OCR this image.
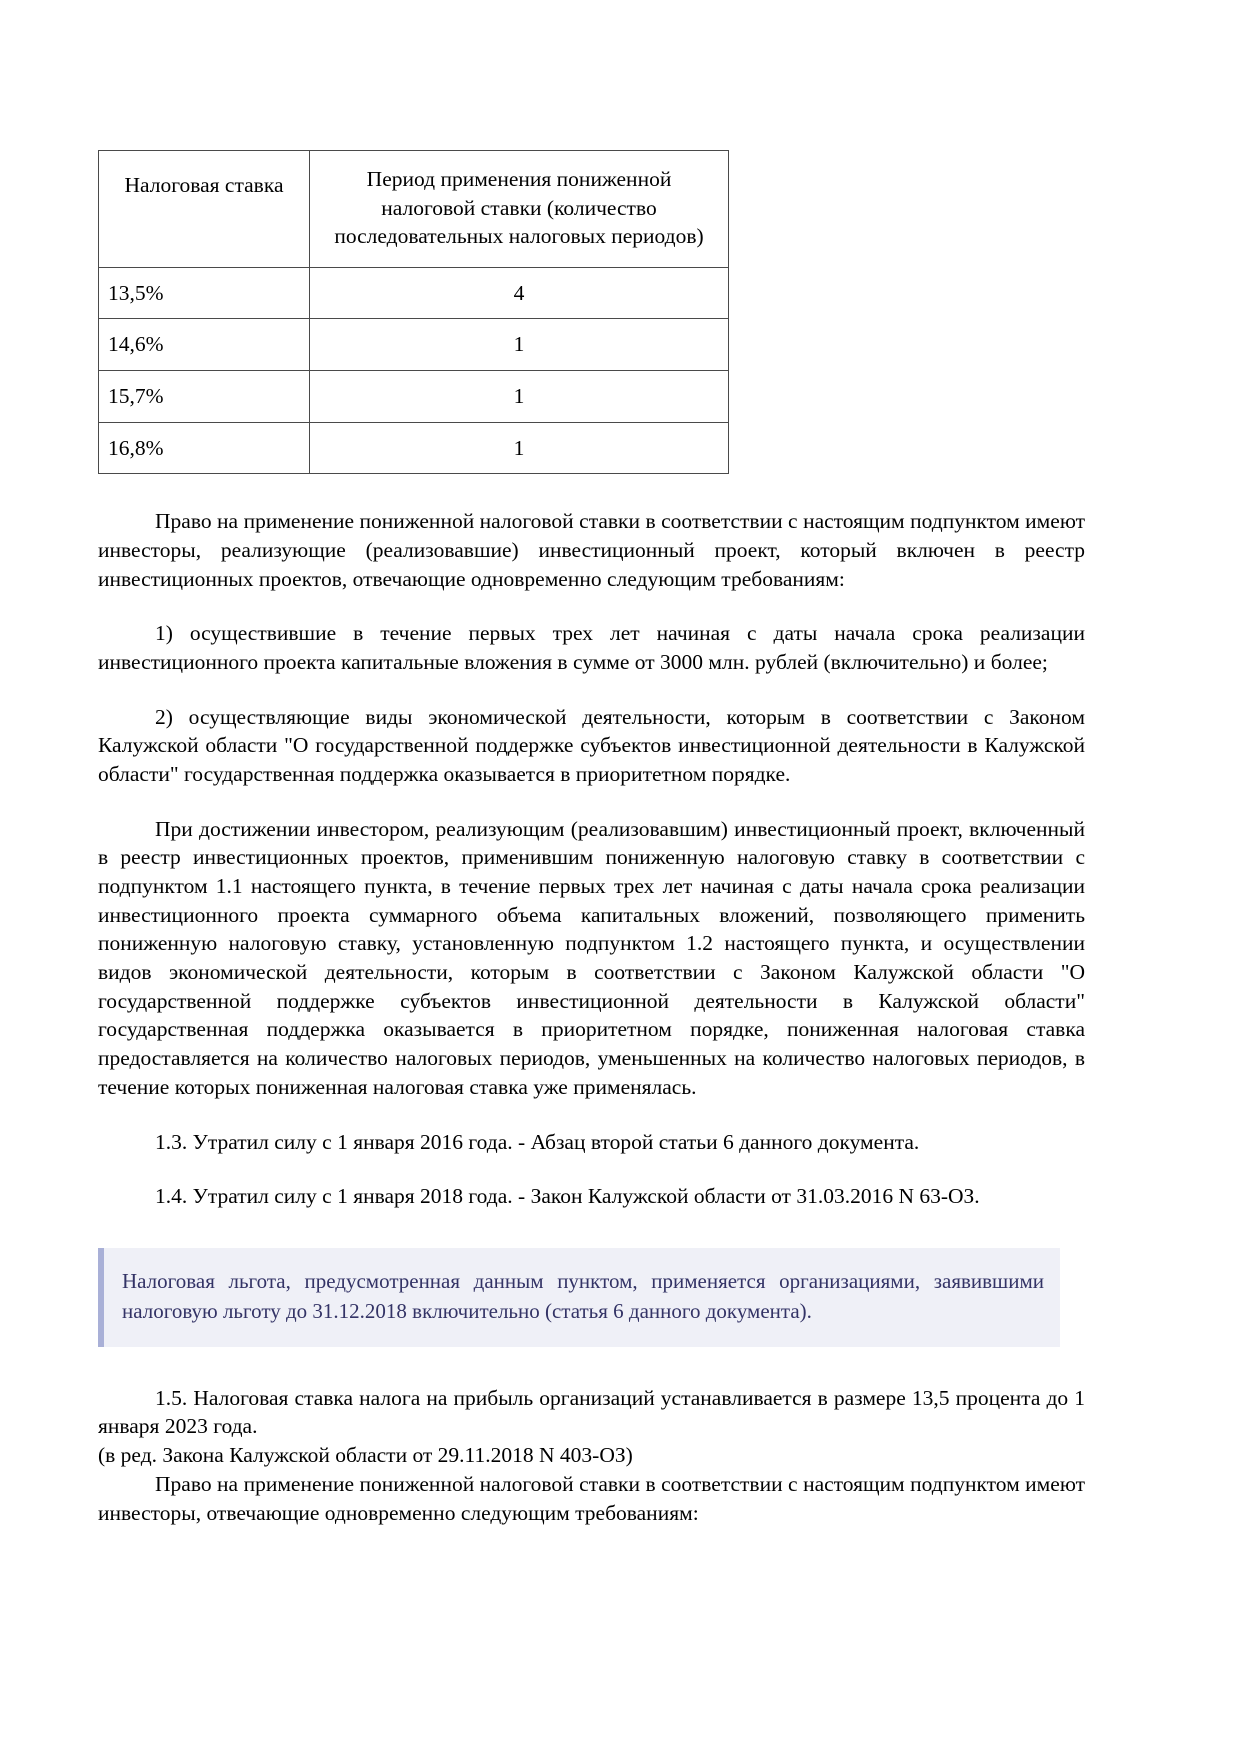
Налоговая ставка	Период применения пониженной налоговой ставки (количество последовательных налоговых периодов)
13,5%	4
14,6%	1
15,7%	1
16,8%	1

Право на применение пониженной налоговой ставки в соответствии с настоящим подпунктом имеют инвесторы, реализующие (реализовавшие) инвестиционный проект, который включен в реестр инвестиционных проектов, отвечающие одновременно следующим требованиям:

1) осуществившие в течение первых трех лет начиная с даты начала срока реализации инвестиционного проекта капитальные вложения в сумме от 3000 млн. рублей (включительно) и более;

2) осуществляющие виды экономической деятельности, которым в соответствии с Законом Калужской области "О государственной поддержке субъектов инвестиционной деятельности в Калужской области" государственная поддержка оказывается в приоритетном порядке.

При достижении инвестором, реализующим (реализовавшим) инвестиционный проект, включенный в реестр инвестиционных проектов, применившим пониженную налоговую ставку в соответствии с подпунктом 1.1 настоящего пункта, в течение первых трех лет начиная с даты начала срока реализации инвестиционного проекта суммарного объема капитальных вложений, позволяющего применить пониженную налоговую ставку, установленную подпунктом 1.2 настоящего пункта, и осуществлении видов экономической деятельности, которым в соответствии с Законом Калужской области "О государственной поддержке субъектов инвестиционной деятельности в Калужской области" государственная поддержка оказывается в приоритетном порядке, пониженная налоговая ставка предоставляется на количество налоговых периодов, уменьшенных на количество налоговых периодов, в течение которых пониженная налоговая ставка уже применялась.

1.3. Утратил силу с 1 января 2016 года. - Абзац второй статьи 6 данного документа.

1.4. Утратил силу с 1 января 2018 года. - Закон Калужской области от 31.03.2016 N 63-ОЗ.

Налоговая льгота, предусмотренная данным пунктом, применяется организациями, заявившими налоговую льготу до 31.12.2018 включительно (статья 6 данного документа).

1.5. Налоговая ставка налога на прибыль организаций устанавливается в размере 13,5 процента до 1 января 2023 года.

(в ред. Закона Калужской области от 29.11.2018 N 403-ОЗ)

Право на применение пониженной налоговой ставки в соответствии с настоящим подпунктом имеют инвесторы, отвечающие одновременно следующим требованиям:
